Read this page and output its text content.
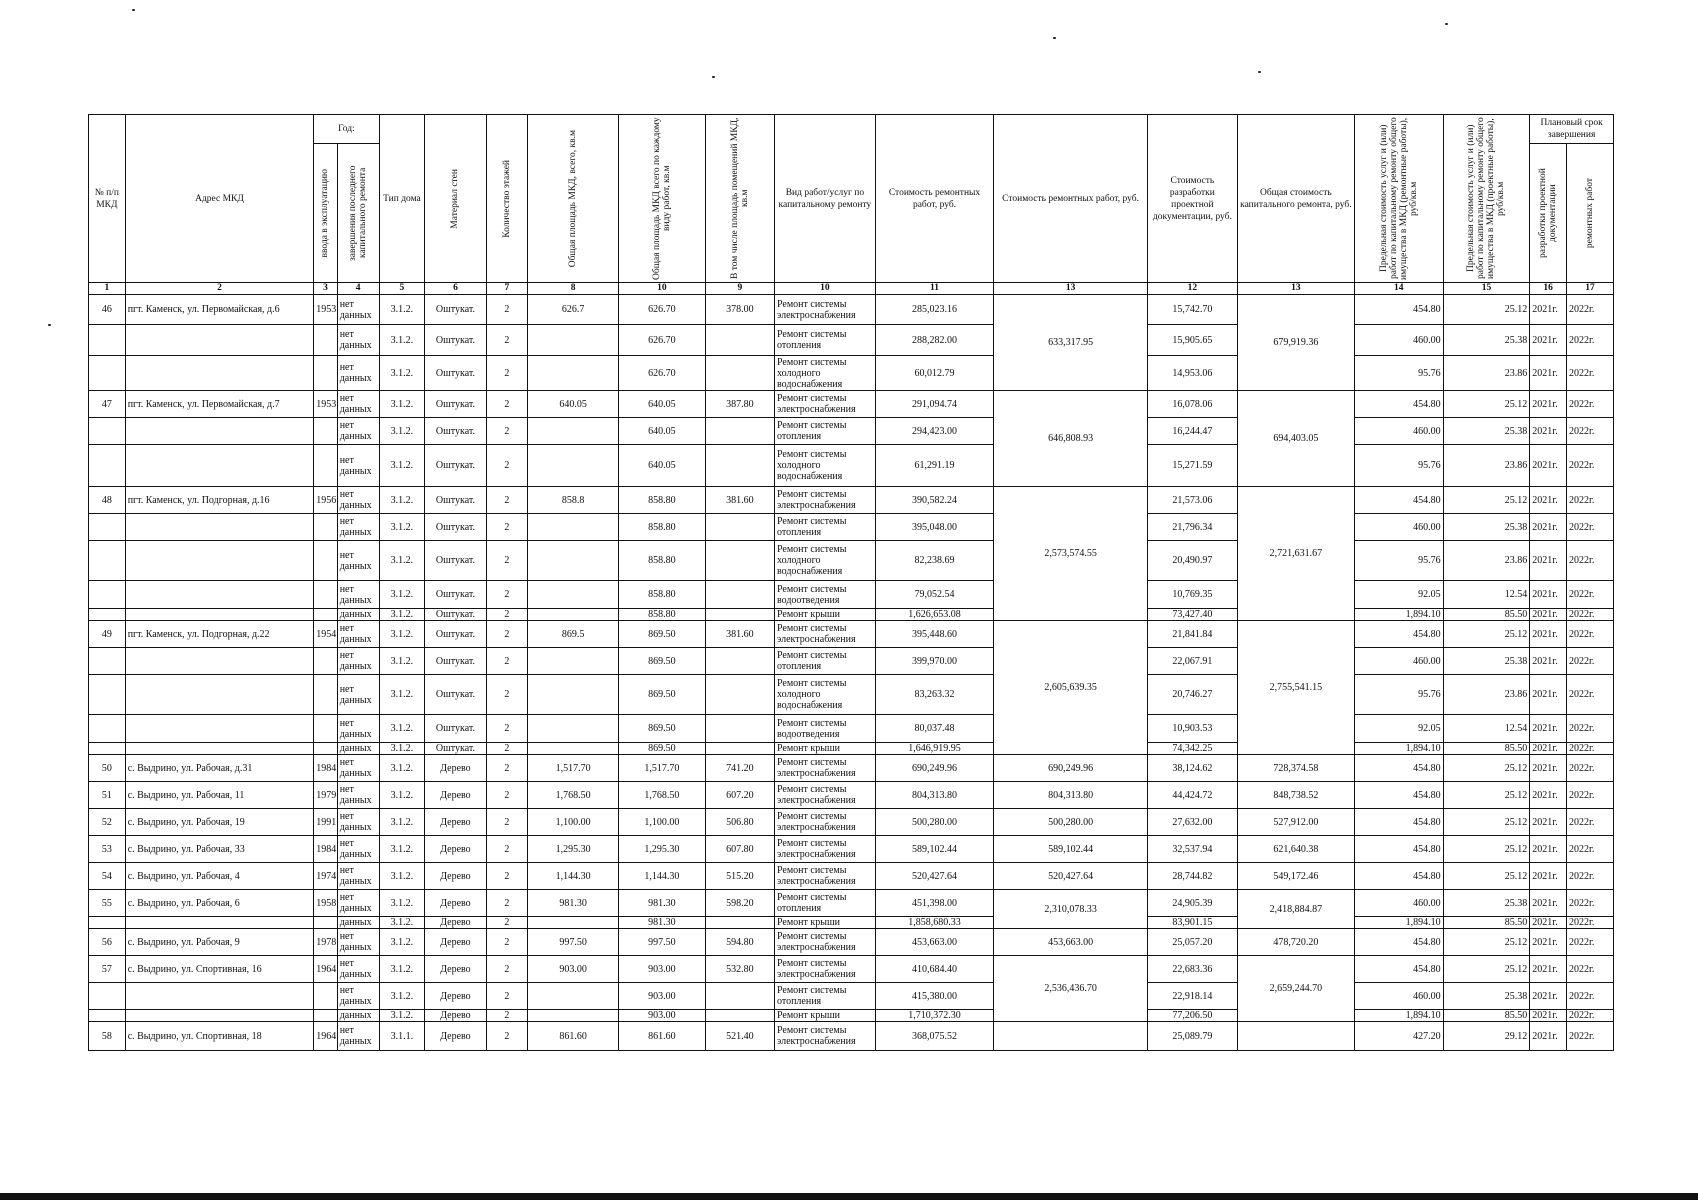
№ п/п МКД	Адрес МКД	Год:		Тип дома	Материал стен	Количество этажей	Общая площадь МКД, всего, кв.м	Общая площадь МКД всего по каждому виду работ, кв.м	В том числе площадь помещений МКД, кв.м	Вид работ/услуг по капитальному ремонту	Стоимость ремонтных работ, руб.	Стоимость ремонтных работ, руб.	Стоимость разработки проектной документации, руб.	Общая стоимость капитального ремонта, руб.	Предельная стоимость услуг и (или) работ по капитальному ремонту общего имущества в МКД (ремонтные работы), руб/кв.м	Предельная стоимость услуг и (или) работ по капитальному ремонту общего имущества в МКД (проектные работы), руб/кв.м	Плановый срок завершения	

		ввода в эксплуатацию	завершения последнего капитального ремонта														разработки проектной документации	ремонтных работ

1	2	3	4	5	6	7	8	10	9	10	11	13	12	13	14	15	16	17
46	пгт. Каменск, ул. Первомайская, д.6	1953	нет данных	3.1.2.	Оштукат.	2	626.7	626.70	378.00	Ремонт системы электроснабжения	285,023.16	633,317.95	15,742.70	679,919.36	454.80	25.12	2021г.	2022г.
			нет данных	3.1.2.	Оштукат.	2		626.70		Ремонт системы отопления	288,282.00		15,905.65		460.00	25.38	2021г.	2022г.
			нет данных	3.1.2.	Оштукат.	2		626.70		Ремонт системы холодного водоснабжения	60,012.79		14,953.06		95.76	23.86	2021г.	2022г.
47	пгт. Каменск, ул. Первомайская, д.7	1953	нет данных	3.1.2.	Оштукат.	2	640.05	640.05	387.80	Ремонт системы электроснабжения	291,094.74	646,808.93	16,078.06	694,403.05	454.80	25.12	2021г.	2022г.
			нет данных	3.1.2.	Оштукат.	2		640.05		Ремонт системы отопления	294,423.00		16,244.47		460.00	25.38	2021г.	2022г.
			нет данных	3.1.2.	Оштукат.	2		640.05		Ремонт системы холодного водоснабжения	61,291.19		15,271.59		95.76	23.86	2021г.	2022г.
48	пгт. Каменск, ул. Подгорная, д.16	1956	нет данных	3.1.2.	Оштукат.	2	858.8	858.80	381.60	Ремонт системы электроснабжения	390,582.24	2,573,574.55	21,573.06	2,721,631.67	454.80	25.12	2021г.	2022г.
			нет данных	3.1.2.	Оштукат.	2		858.80		Ремонт системы отопления	395,048.00		21,796.34		460.00	25.38	2021г.	2022г.
			нет данных	3.1.2.	Оштукат.	2		858.80		Ремонт системы холодного водоснабжения	82,238.69		20,490.97		95.76	23.86	2021г.	2022г.
			нет данных	3.1.2.	Оштукат.	2		858.80		Ремонт системы водоотведения	79,052.54		10,769.35		92.05	12.54	2021г.	2022г.
			данных	3.1.2.	Оштукат.	2		858.80		Ремонт крыши	1,626,653.08		73,427.40		1,894.10	85.50	2021г.	2022г.
49	пгт. Каменск, ул. Подгорная, д.22	1954	нет данных	3.1.2.	Оштукат.	2	869.5	869.50	381.60	Ремонт системы электроснабжения	395,448.60	2,605,639.35	21,841.84	2,755,541.15	454.80	25.12	2021г.	2022г.
			нет данных	3.1.2.	Оштукат.	2		869.50		Ремонт системы отопления	399,970.00		22,067.91		460.00	25.38	2021г.	2022г.
			нет данных	3.1.2.	Оштукат.	2		869.50		Ремонт системы холодного водоснабжения	83,263.32		20,746.27		95.76	23.86	2021г.	2022г.
			нет данных	3.1.2.	Оштукат.	2		869.50		Ремонт системы водоотведения	80,037.48		10,903.53		92.05	12.54	2021г.	2022г.
			данных	3.1.2.	Оштукат.	2		869.50		Ремонт крыши	1,646,919.95		74,342.25		1,894.10	85.50	2021г.	2022г.
50	с. Выдрино, ул. Рабочая, д.31	1984	нет данных	3.1.2.	Дерево	2	1,517.70	1,517.70	741.20	Ремонт системы электроснабжения	690,249.96	690,249.96	38,124.62	728,374.58	454.80	25.12	2021г.	2022г.
51	с. Выдрино, ул. Рабочая, 11	1979	нет данных	3.1.2.	Дерево	2	1,768.50	1,768.50	607.20	Ремонт системы электроснабжения	804,313.80	804,313.80	44,424.72	848,738.52	454.80	25.12	2021г.	2022г.
52	с. Выдрино, ул. Рабочая, 19	1991	нет данных	3.1.2.	Дерево	2	1,100.00	1,100.00	506.80	Ремонт системы электроснабжения	500,280.00	500,280.00	27,632.00	527,912.00	454.80	25.12	2021г.	2022г.
53	с. Выдрино, ул. Рабочая, 33	1984	нет данных	3.1.2.	Дерево	2	1,295.30	1,295.30	607.80	Ремонт системы электроснабжения	589,102.44	589,102.44	32,537.94	621,640.38	454.80	25.12	2021г.	2022г.
54	с. Выдрино, ул. Рабочая, 4	1974	нет данных	3.1.2.	Дерево	2	1,144.30	1,144.30	515.20	Ремонт системы электроснабжения	520,427.64	520,427.64	28,744.82	549,172.46	454.80	25.12	2021г.	2022г.
55	с. Выдрино, ул. Рабочая, 6	1958	нет данных	3.1.2.	Дерево	2	981.30	981.30	598.20	Ремонт системы отопления	451,398.00	2,310,078.33	24,905.39	2,418,884.87	460.00	25.38	2021г.	2022г.
			данных	3.1.2.	Дерево	2		981.30		Ремонт крыши	1,858,680.33		83,901.15		1,894.10	85.50	2021г.	2022г.
56	с. Выдрино, ул. Рабочая, 9	1978	нет данных	3.1.2.	Дерево	2	997.50	997.50	594.80	Ремонт системы электроснабжения	453,663.00	453,663.00	25,057.20	478,720.20	454.80	25.12	2021г.	2022г.
57	с. Выдрино, ул. Спортивная, 16	1964	нет данных	3.1.2.	Дерево	2	903.00	903.00	532.80	Ремонт системы электроснабжения	410,684.40	2,536,436.70	22,683.36	2,659,244.70	454.80	25.12	2021г.	2022г.
			нет данных	3.1.2.	Дерево	2		903.00		Ремонт системы отопления	415,380.00		22,918.14		460.00	25.38	2021г.	2022г.
			данных	3.1.2.	Дерево	2		903.00		Ремонт крыши	1,710,372.30		77,206.50		1,894.10	85.50	2021г.	2022г.
58	с. Выдрино, ул. Спортивная, 18	1964	нет данных	3.1.1.	Дерево	2	861.60	861.60	521.40	Ремонт системы электроснабжения	368,075.52		25,089.79		427.20	29.12	2021г.	2022г.
